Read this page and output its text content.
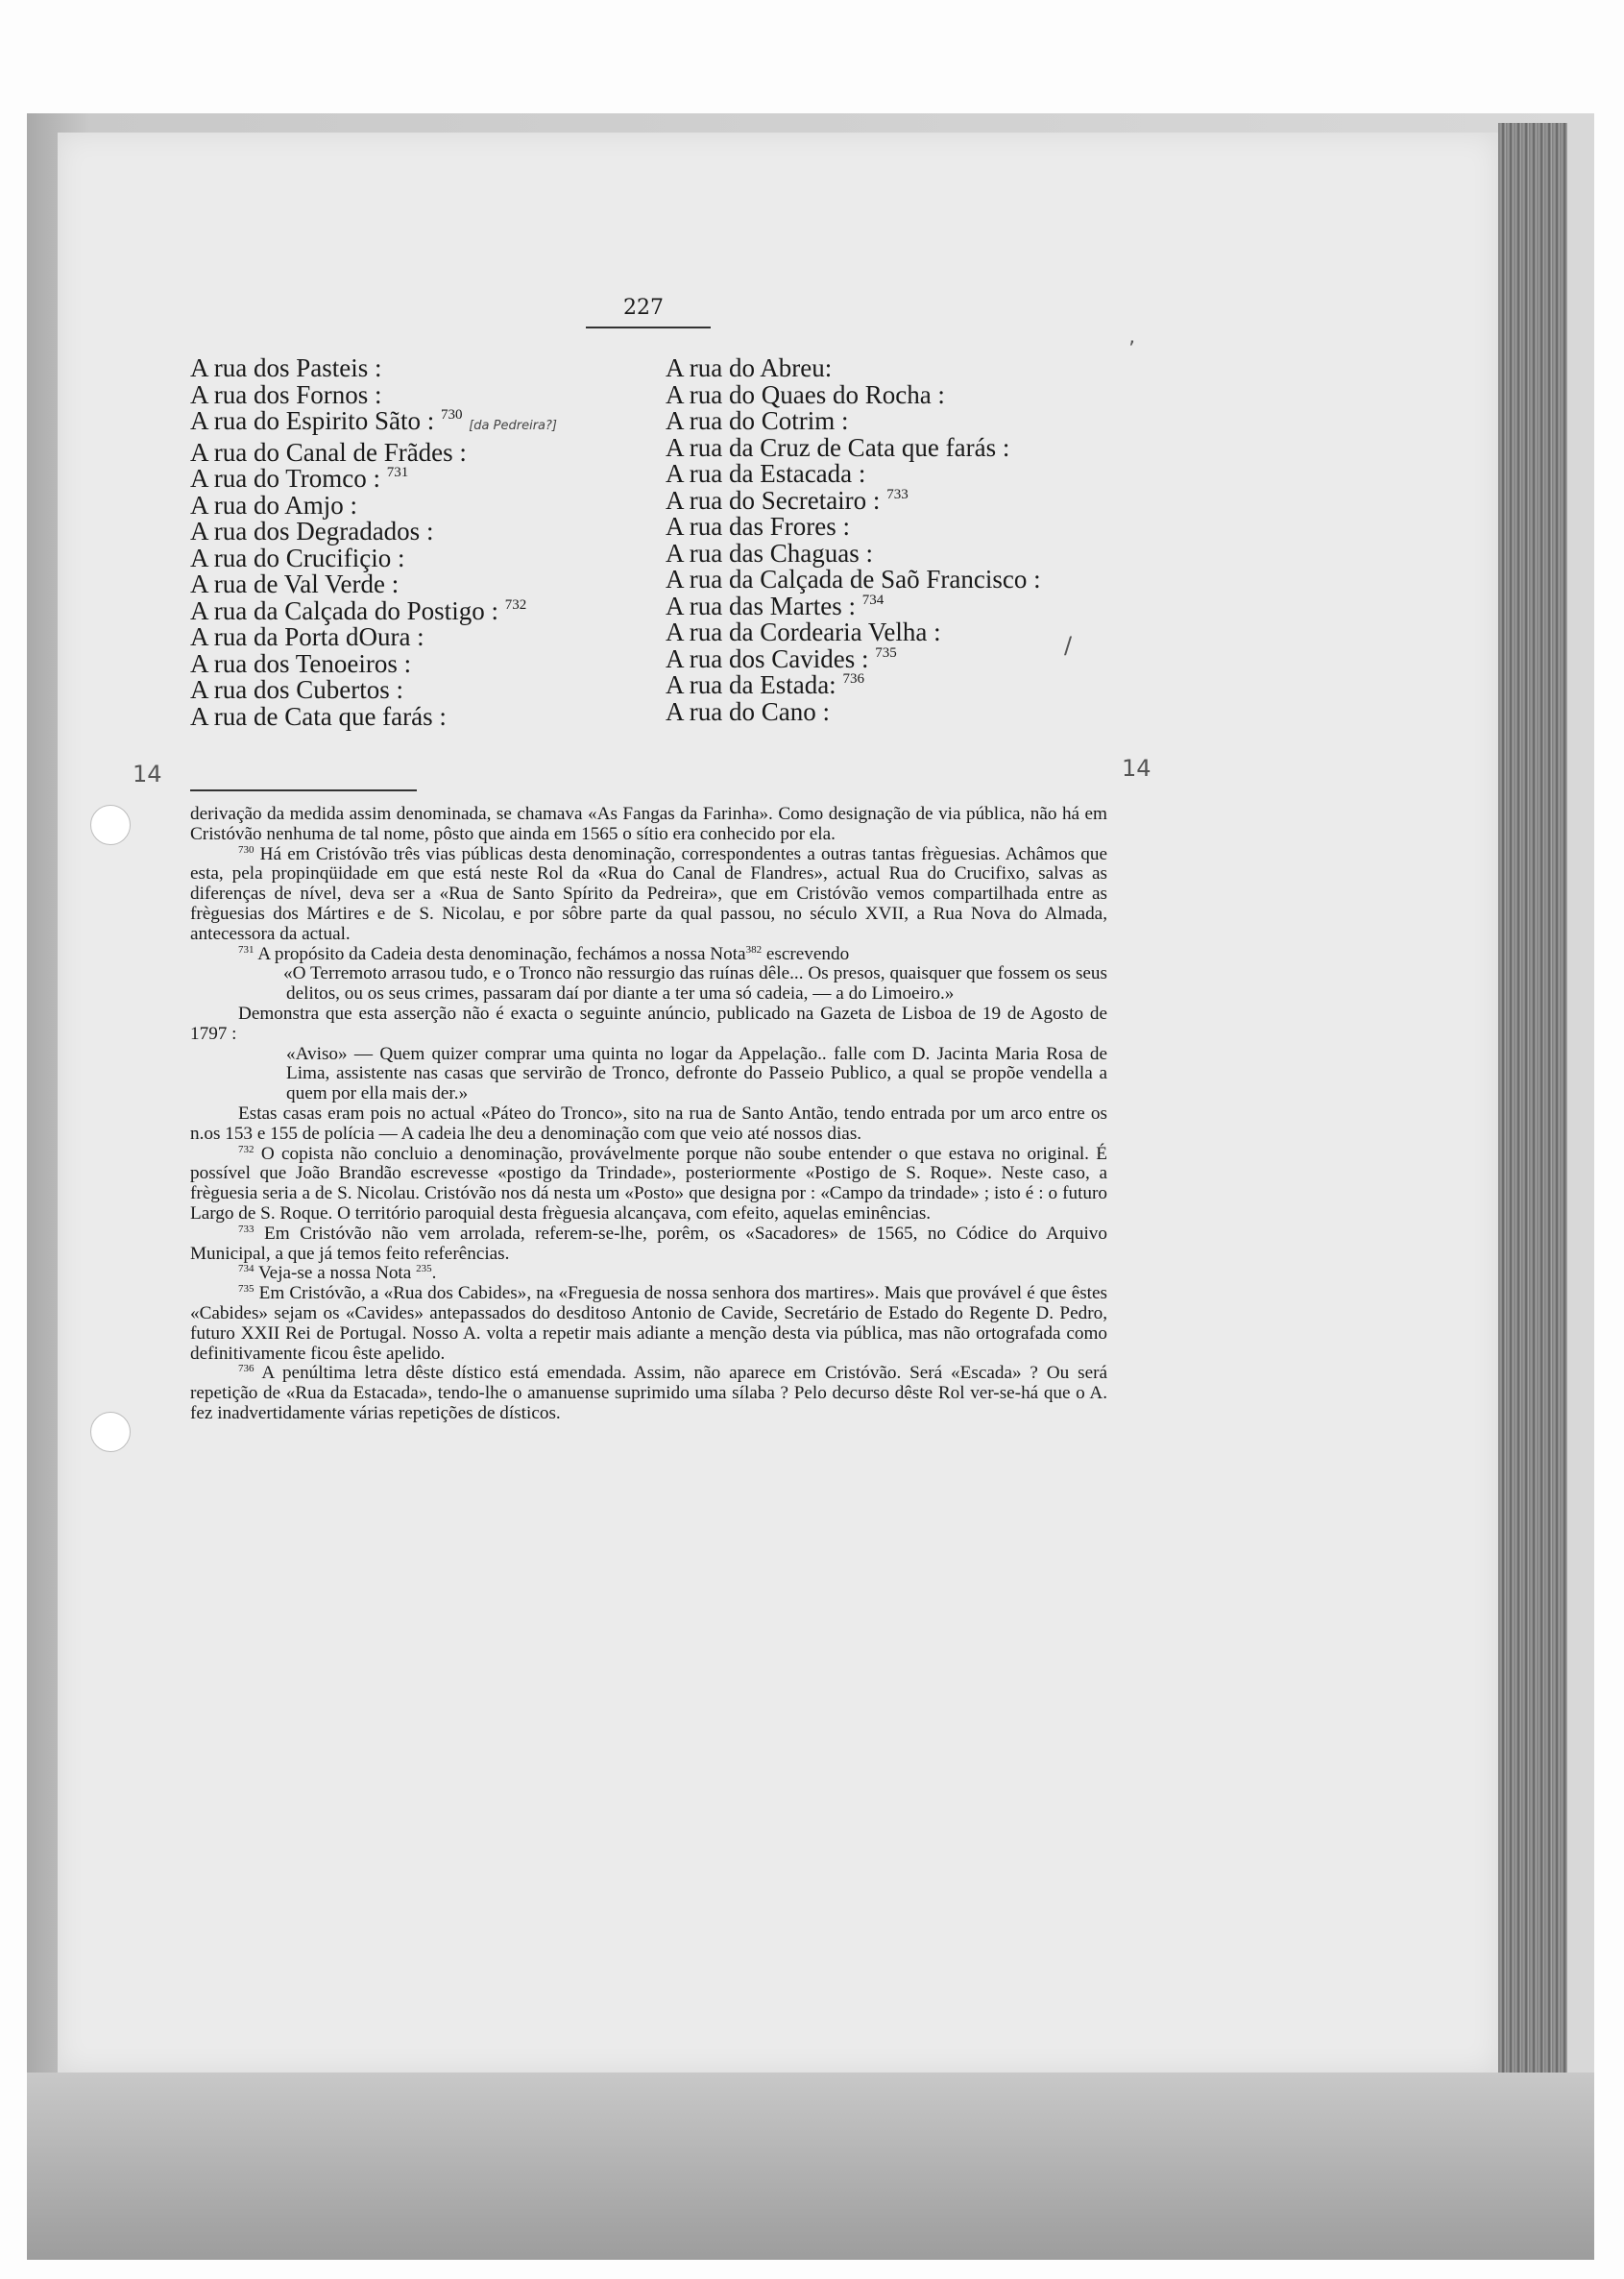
227
A rua dos Pasteis :
A rua dos Fornos :
A rua do Espirito Sãto : $^{730}$ [da Pedreira?]
A rua do Canal de Frãdes :
A rua do Tromco : $^{731}$
A rua do Amjo :
A rua dos Degradados :
A rua do Crucifiçio :
A rua de Val Verde :
A rua da Calçada do Postigo : $^{732}$
A rua da Porta dOura :
A rua dos Tenoeiros :
A rua dos Cubertos :
A rua de Cata que farás :
A rua do Abreu:
A rua do Quaes do Rocha :
A rua do Cotrim :
A rua da Cruz de Cata que farás :
A rua da Estacada :
A rua do Secretairo : $^{733}$
A rua das Frores :
A rua das Chaguas :
A rua da Calçada de Saõ Francisco :
A rua das Martes : $^{734}$
A rua da Cordearia Velha :
A rua dos Cavides : $^{735}$
A rua da Estada: $^{736}$
A rua do Cano :
14	14
’
/

derivação da medida assim denominada, se chamava «As Fangas da Farinha». Como designação de via pública, não há em Cristóvão nenhuma de tal nome, pôsto que ainda em 1565 o sítio era conhecido por ela.

$^{730}$ Há em Cristóvão três vias públicas desta denominação, correspondentes a outras tantas frèguesias. Achâmos que esta, pela propinqüidade em que está neste Rol da «Rua do Canal de Flandres», actual Rua do Crucifixo, salvas as diferenças de nível, deva ser a «Rua de Santo Spírito da Pedreira», que em Cristóvão vemos compartilhada entre as frèguesias dos Mártires e de S. Nicolau, e por sôbre parte da qual passou, no século XVII, a Rua Nova do Almada, antecessora da actual.

$^{731}$ A propósito da Cadeia desta denominação, fechámos a nossa Nota$^{382}$ escrevendo

«O Terremoto arrasou tudo, e o Tronco não ressurgio das ruínas dêle... Os presos, quaisquer que fossem os seus delitos, ou os seus crimes, passaram daí por diante a ter uma só cadeia, — a do Limoeiro.»

Demonstra que esta asserção não é exacta o seguinte anúncio, publicado na Gazeta de Lisboa de 19 de Agosto de 1797 :

«Aviso» — Quem quizer comprar uma quinta no logar da Appelação.. falle com D. Jacinta Maria Rosa de Lima, assistente nas casas que servirão de Tronco, defronte do Passeio Publico, a qual se propõe vendella a quem por ella mais der.»

Estas casas eram pois no actual «Páteo do Tronco», sito na rua de Santo Antão, tendo entrada por um arco entre os n.os 153 e 155 de polícia — A cadeia lhe deu a denominação com que veio até nossos dias.

$^{732}$ O copista não concluio a denominação, provávelmente porque não soube entender o que estava no original. É possível que João Brandão escrevesse «postigo da Trindade», posteriormente «Postigo de S. Roque». Neste caso, a frèguesia seria a de S. Nicolau. Cristóvão nos dá nesta um «Posto» que designa por : «Campo da trindade» ; isto é : o futuro Largo de S. Roque. O território paroquial desta frèguesia alcançava, com efeito, aquelas eminências.

$^{733}$ Em Cristóvão não vem arrolada, referem-se-lhe, porêm, os «Sacadores» de 1565, no Códice do Arquivo Municipal, a que já temos feito referências.

$^{734}$ Veja-se a nossa Nota $^{235}$.

$^{735}$ Em Cristóvão, a «Rua dos Cabides», na «Freguesia de nossa senhora dos martires». Mais que provável é que êstes «Cabides» sejam os «Cavides» antepassados do desditoso Antonio de Cavide, Secretário de Estado do Regente D. Pedro, futuro XXII Rei de Portugal. Nosso A. volta a repetir mais adiante a menção desta via pública, mas não ortografada como definitivamente ficou êste apelido.

$^{736}$ A penúltima letra dêste dístico está emendada. Assim, não aparece em Cristóvão. Será «Escada» ? Ou será repetição de «Rua da Estacada», tendo-lhe o amanuense suprimido uma sílaba ? Pelo decurso dêste Rol ver-se-há que o A. fez inadvertidamente várias repetições de dísticos.
